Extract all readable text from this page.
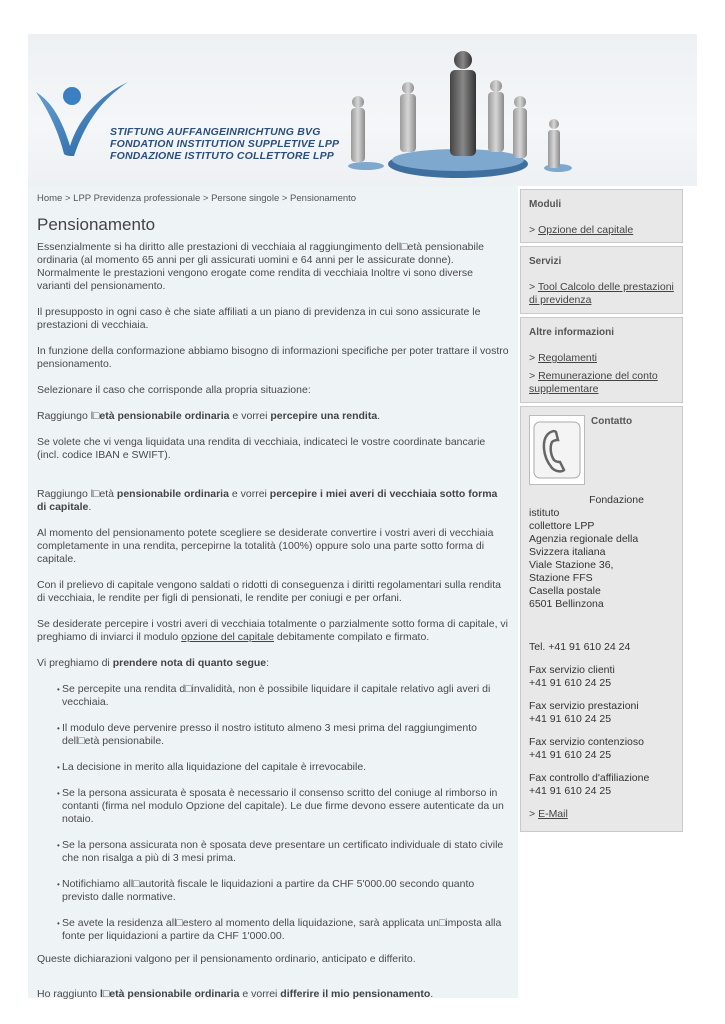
STIFTUNG AUFFANGEINRICHTUNG BVG
FONDATION INSTITUTION SUPPLETIVE LPP
FONDAZIONE ISTITUTO COLLETTORE LPP
Home > LPP Previdenza professionale > Persone singole > Pensionamento
Pensionamento
Essenzialmente si ha diritto alle prestazioni di vecchiaia al raggiungimento dell□età pensionabile ordinaria (al momento 65 anni per gli assicurati uomini e 64 anni per le assicurate donne). Normalmente le prestazioni vengono erogate come rendita di vecchiaia Inoltre vi sono diverse varianti del pensionamento.
Il presupposto in ogni caso è che siate affiliati a un piano di previdenza in cui sono assicurate le prestazioni di vecchiaia.
In funzione della conformazione abbiamo bisogno di informazioni specifiche per poter trattare il vostro pensionamento.
Selezionare il caso che corrisponde alla propria situazione:
Raggiungo l□età pensionabile ordinaria e vorrei percepire una rendita.
Se volete che vi venga liquidata una rendita di vecchiaia, indicateci le vostre coordinate bancarie (incl. codice IBAN e SWIFT).
Raggiungo l□età pensionabile ordinaria e vorrei percepire i miei averi di vecchiaia sotto forma di capitale.
Al momento del pensionamento potete scegliere se desiderate convertire i vostri averi di vecchiaia completamente in una rendita, percepirne la totalità (100%) oppure solo una parte sotto forma di capitale.
Con il prelievo di capitale vengono saldati o ridotti di conseguenza i diritti regolamentari sulla rendita di vecchiaia, le rendite per figli di pensionati, le rendite per coniugi e per orfani.
Se desiderate percepire i vostri averi di vecchiaia totalmente o parzialmente sotto forma di capitale, vi preghiamo di inviarci il modulo opzione del capitale debitamente compilato e firmato.
Vi preghiamo di prendere nota di quanto segue:
• Se percepite una rendita d□invalidità, non è possibile liquidare il capitale relativo agli averi di vecchiaia.
• Il modulo deve pervenire presso il nostro istituto almeno 3 mesi prima del raggiungimento dell□età pensionabile.
• La decisione in merito alla liquidazione del capitale è irrevocabile.
• Se la persona assicurata è sposata è necessario il consenso scritto del coniuge al rimborso in contanti (firma nel modulo Opzione del capitale). Le due firme devono essere autenticate da un notaio.
• Se la persona assicurata non è sposata deve presentare un certificato individuale di stato civile che non risalga a più di 3 mesi prima.
• Notifichiamo all□autorità fiscale le liquidazioni a partire da CHF 5'000.00 secondo quanto previsto dalle normative.
• Se avete la residenza all□estero al momento della liquidazione, sarà applicata un□imposta alla fonte per liquidazioni a partire da CHF 1'000.00.
Queste dichiarazioni valgono per il pensionamento ordinario, anticipato e differito.
Ho raggiunto l□età pensionabile ordinaria e vorrei differire il mio pensionamento.
Moduli
> Opzione del capitale
Servizi
> Tool Calcolo delle prestazioni di previdenza
Altre informazioni
> Regolamenti
> Remunerazione del conto supplementare
Contatto
Fondazione
istituto
collettore LPP
Agenzia regionale della
Svizzera italiana
Viale Stazione 36,
Stazione FFS
Casella postale
6501 Bellinzona
Tel. +41 91 610 24 24
Fax servizio clienti
+41 91 610 24 25
Fax servizio prestazioni
+41 91 610 24 25
Fax servizio contenzioso
+41 91 610 24 25
Fax controllo d'affiliazione
+41 91 610 24 25
> E-Mail
